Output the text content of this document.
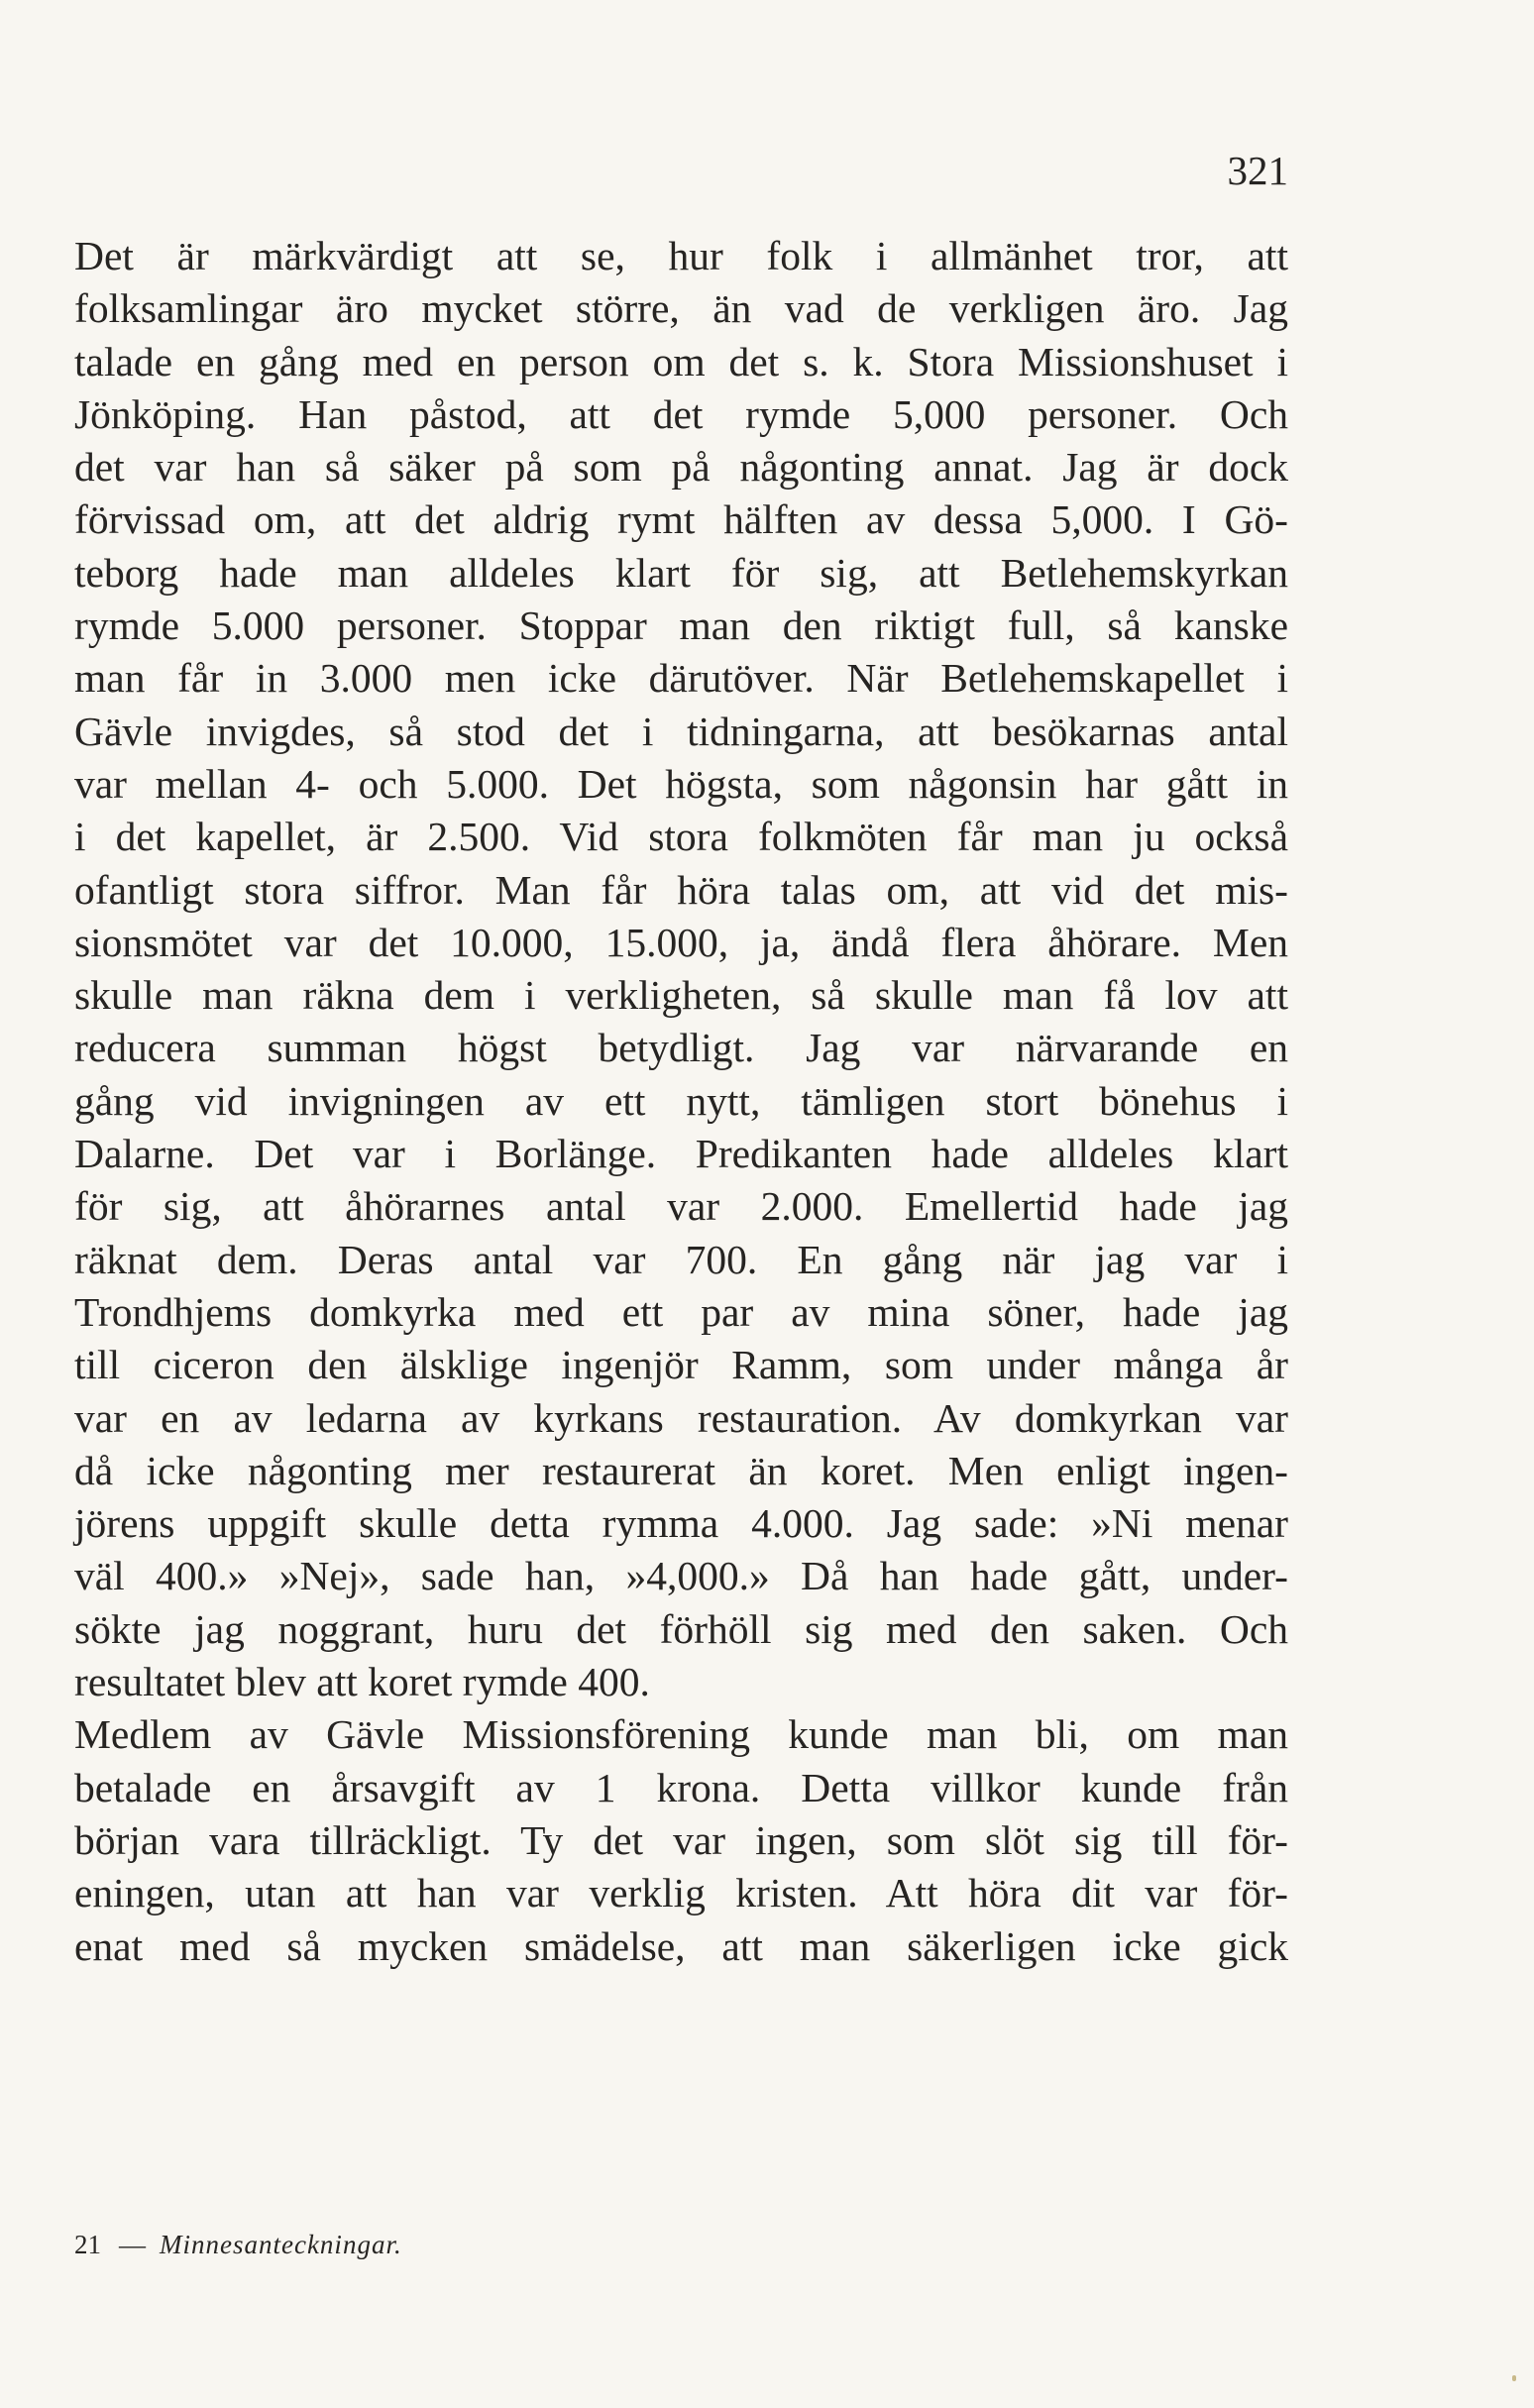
321
Det är märkvärdigt att se, hur folk i allmänhet tror, att
folksamlingar äro mycket större, än vad de verkligen äro. Jag
talade en gång med en person om det s. k. Stora Missionshuset i
Jönköping. Han påstod, att det rymde 5,000 personer. Och
det var han så säker på som på någonting annat. Jag är dock
förvissad om, att det aldrig rymt hälften av dessa 5,000. I Gö-
teborg hade man alldeles klart för sig, att Betlehemskyrkan
rymde 5.000 personer. Stoppar man den riktigt full, så kanske
man får in 3.000 men icke därutöver. När Betlehemskapellet i
Gävle invigdes, så stod det i tidningarna, att besökarnas antal
var mellan 4- och 5.000. Det högsta, som någonsin har gått in
i det kapellet, är 2.500. Vid stora folkmöten får man ju också
ofantligt stora siffror. Man får höra talas om, att vid det mis-
sionsmötet var det 10.000, 15.000, ja, ändå flera åhörare. Men
skulle man räkna dem i verkligheten, så skulle man få lov att
reducera summan högst betydligt. Jag var närvarande en
gång vid invigningen av ett nytt, tämligen stort bönehus i
Dalarne. Det var i Borlänge. Predikanten hade alldeles klart
för sig, att åhörarnes antal var 2.000. Emellertid hade jag
räknat dem. Deras antal var 700. En gång när jag var i
Trondhjems domkyrka med ett par av mina söner, hade jag
till ciceron den älsklige ingenjör Ramm, som under många år
var en av ledarna av kyrkans restauration. Av domkyrkan var
då icke någonting mer restaurerat än koret. Men enligt ingen-
jörens uppgift skulle detta rymma 4.000. Jag sade: »Ni menar
väl 400.» »Nej», sade han, »4,000.» Då han hade gått, under-
sökte jag noggrant, huru det förhöll sig med den saken. Och
resultatet blev att koret rymde 400.
Medlem av Gävle Missionsförening kunde man bli, om man
betalade en årsavgift av 1 krona. Detta villkor kunde från
början vara tillräckligt. Ty det var ingen, som slöt sig till för-
eningen, utan att han var verklig kristen. Att höra dit var för-
enat med så mycken smädelse, att man säkerligen icke gick
21 — Minnesanteckningar.
